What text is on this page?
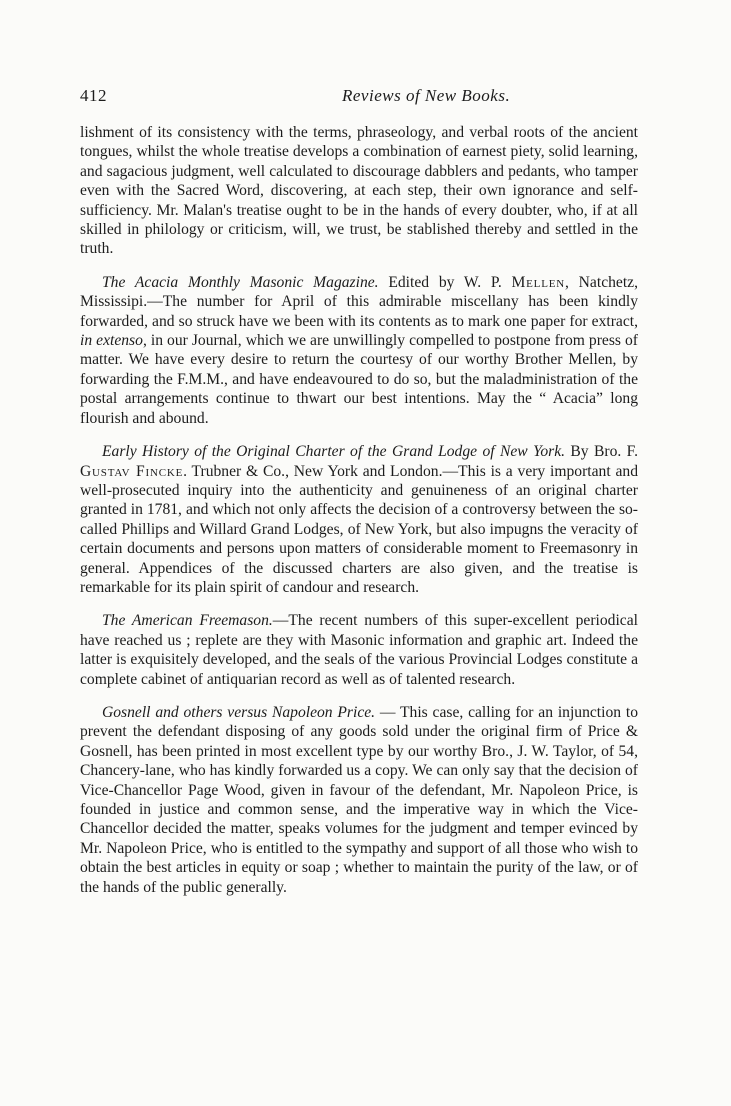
412	Reviews of New Books.

lishment of its consistency with the terms, phraseology, and verbal roots of the ancient tongues, whilst the whole treatise develops a combination of earnest piety, solid learning, and sagacious judgment, well calculated to discourage dabblers and pedants, who tamper even with the Sacred Word, discovering, at each step, their own ignorance and self-sufficiency. Mr. Malan's treatise ought to be in the hands of every doubter, who, if at all skilled in philology or criticism, will, we trust, be stablished thereby and settled in the truth.

The Acacia Monthly Masonic Magazine. Edited by W. P. Mellen, Natchetz, Mississipi.—The number for April of this admirable miscellany has been kindly forwarded, and so struck have we been with its contents as to mark one paper for extract, in extenso, in our Journal, which we are unwillingly compelled to postpone from press of matter. We have every desire to return the courtesy of our worthy Brother Mellen, by forwarding the F.M.M., and have endeavoured to do so, but the maladministration of the postal arrangements continue to thwart our best intentions. May the “ Acacia” long flourish and abound.

Early History of the Original Charter of the Grand Lodge of New York. By Bro. F. Gustav Fincke. Trubner & Co., New York and London.—This is a very important and well-prosecuted inquiry into the authenticity and genuineness of an original charter granted in 1781, and which not only affects the decision of a controversy between the so-called Phillips and Willard Grand Lodges, of New York, but also impugns the veracity of certain documents and persons upon matters of considerable moment to Freemasonry in general. Appendices of the discussed charters are also given, and the treatise is remarkable for its plain spirit of candour and research.

The American Freemason.—The recent numbers of this super-excellent periodical have reached us ; replete are they with Masonic information and graphic art. Indeed the latter is exquisitely developed, and the seals of the various Provincial Lodges constitute a complete cabinet of antiquarian record as well as of talented research.

Gosnell and others versus Napoleon Price. — This case, calling for an injunction to prevent the defendant disposing of any goods sold under the original firm of Price & Gosnell, has been printed in most excellent type by our worthy Bro., J. W. Taylor, of 54, Chancery-lane, who has kindly forwarded us a copy. We can only say that the decision of Vice-Chancellor Page Wood, given in favour of the defendant, Mr. Napoleon Price, is founded in justice and common sense, and the imperative way in which the Vice-Chancellor decided the matter, speaks volumes for the judgment and temper evinced by Mr. Napoleon Price, who is entitled to the sympathy and support of all those who wish to obtain the best articles in equity or soap ; whether to maintain the purity of the law, or of the hands of the public generally.
